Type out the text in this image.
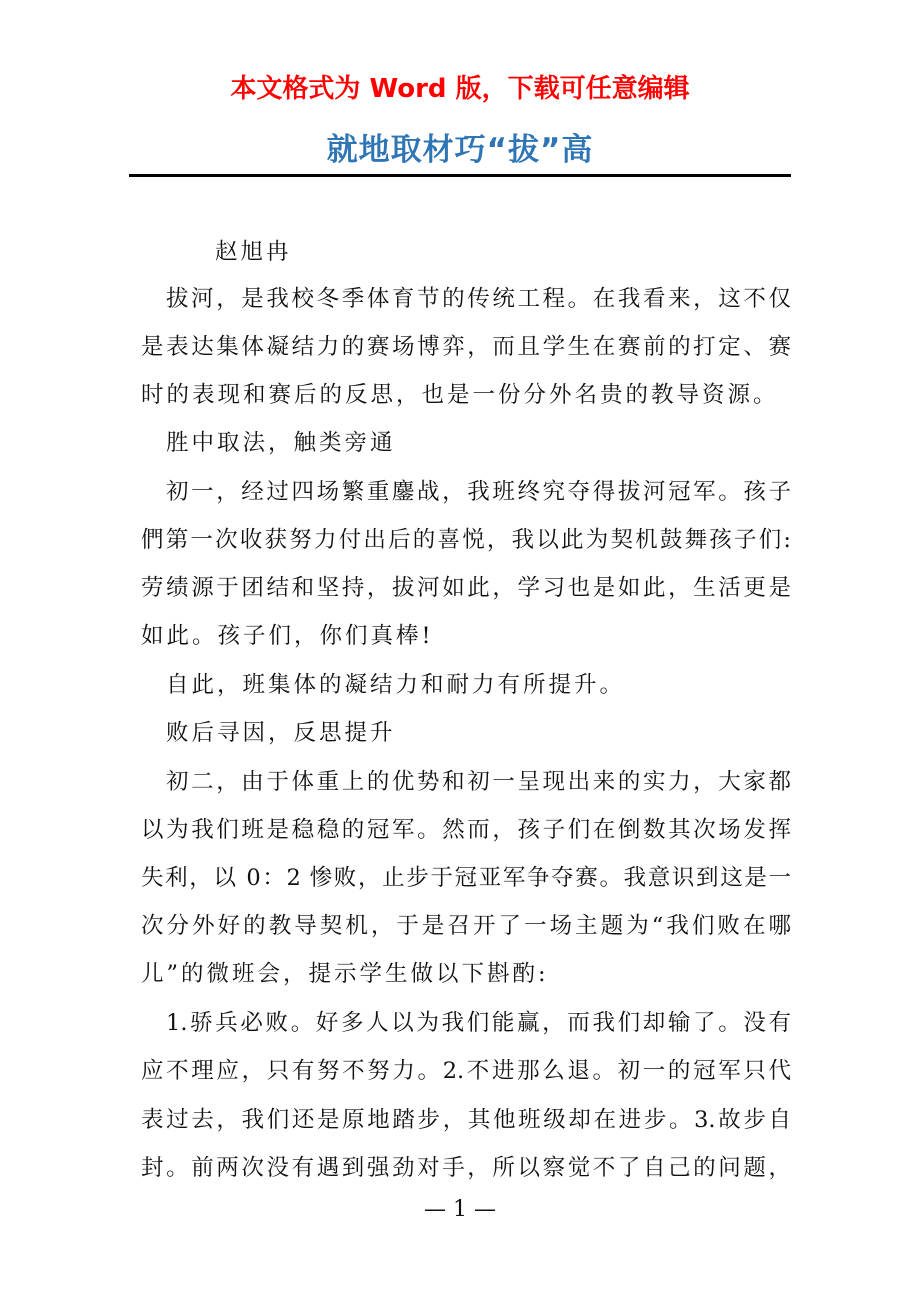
本文格式为 Word 版，下载可任意编辑
就地取材巧“拔”高
赵旭冉
拔河，是我校冬季体育节的传统工程。在我看来，这不仅
是表达集体凝结力的赛场博弈，而且学生在赛前的打定、赛
时的表现和赛后的反思，也是一份分外名贵的教导资源。
胜中取法，触类旁通
初一，经过四场繁重鏖战，我班终究夺得拔河冠军。孩子
們第一次收获努力付出后的喜悦，我以此为契机鼓舞孩子们:
劳绩源于团结和坚持，拔河如此，学习也是如此，生活更是
如此。孩子们，你们真棒!
自此，班集体的凝结力和耐力有所提升。
败后寻因，反思提升
初二，由于体重上的优势和初一呈现出来的实力，大家都
以为我们班是稳稳的冠军。然而，孩子们在倒数其次场发挥
失利，以 0：2 惨败，止步于冠亚军争夺赛。我意识到这是一
次分外好的教导契机，于是召开了一场主题为“我们败在哪
儿”的微班会，提示学生做以下斟酌:
1.骄兵必败。好多人以为我们能赢，而我们却输了。没有
应不理应，只有努不努力。2.不进那么退。初一的冠军只代
表过去，我们还是原地踏步，其他班级却在进步。3.故步自
封。前两次没有遇到强劲对手，所以察觉不了自己的问题，
— 1 —
